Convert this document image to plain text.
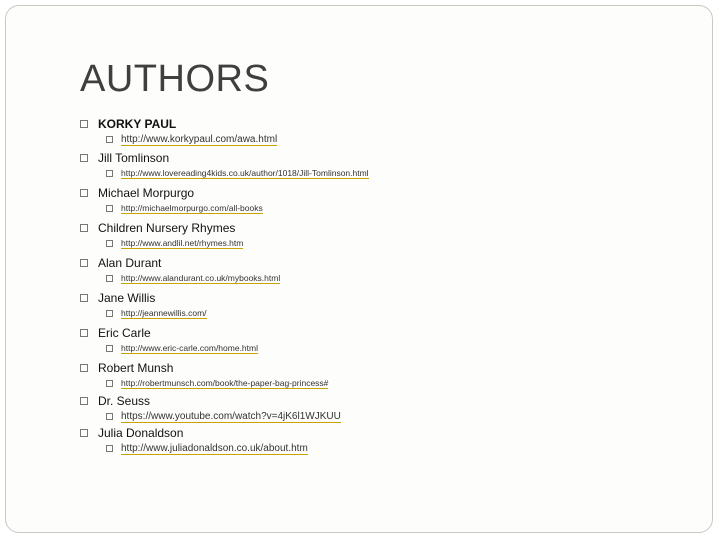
AUTHORS
KORKY PAUL
http://www.korkypaul.com/awa.html
Jill Tomlinson
http://www.lovereading4kids.co.uk/author/1018/Jill-Tomlinson.html
Michael Morpurgo
http://michaelmorpurgo.com/all-books
Children Nursery Rhymes
http://www.andlil.net/rhymes.htm
Alan Durant
http://www.alandurant.co.uk/mybooks.html
Jane Willis
http://jeannewillis.com/
Eric Carle
http://www.eric-carle.com/home.html
Robert Munsh
http://robertmunsch.com/book/the-paper-bag-princess#
Dr. Seuss
https://www.youtube.com/watch?v=4jK6l1WJKUU
Julia Donaldson
http://www.juliadonaldson.co.uk/about.htm
